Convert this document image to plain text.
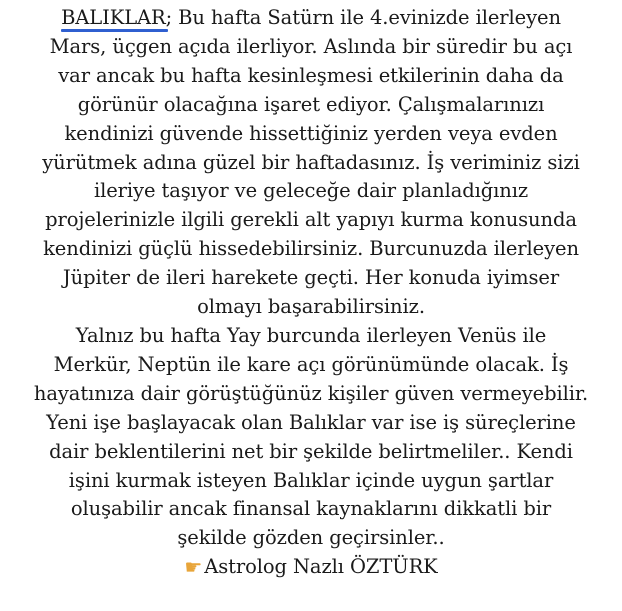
BALIKLAR; Bu hafta Satürn ile 4.evinizde ilerleyen
Mars, üçgen açıda ilerliyor. Aslında bir süredir bu açı
var ancak bu hafta kesinleşmesi etkilerinin daha da
görünür olacağına işaret ediyor. Çalışmalarınızı
kendinizi güvende hissettiğiniz yerden veya evden
yürütmek adına güzel bir haftadasınız. İş veriminiz sizi
ileriye taşıyor ve geleceğe dair planladığınız
projelerinizle ilgili gerekli alt yapıyı kurma konusunda
kendinizi güçlü hissedebilirsiniz. Burcunuzda ilerleyen
Jüpiter de ileri harekete geçti. Her konuda iyimser
olmayı başarabilirsiniz.
Yalnız bu hafta Yay burcunda ilerleyen Venüs ile
Merkür, Neptün ile kare açı görünümünde olacak. İş
hayatınıza dair görüştüğünüz kişiler güven vermeyebilir.
Yeni işe başlayacak olan Balıklar var ise iş süreçlerine
dair beklentilerini net bir şekilde belirtmeliler.. Kendi
işini kurmak isteyen Balıklar içinde uygun şartlar
oluşabilir ancak finansal kaynaklarını dikkatli bir
şekilde gözden geçirsinler..
☛ Astrolog Nazlı ÖZTÜRK
